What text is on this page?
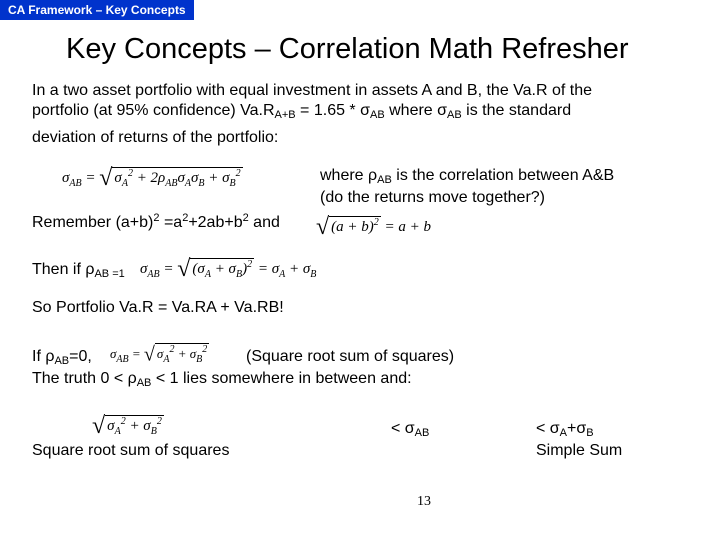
CA Framework – Key Concepts
Key Concepts – Correlation Math Refresher
In a two asset portfolio with equal investment in assets A and B, the Va.R of the
portfolio (at 95% confidence) $Va.R_{A+B} = 1.65 * \sigma_{AB}$ where $\sigma_{AB}$ is the standard
deviation of returns of the portfolio:
$\sigma_{AB}$ = √ $\sigma_A^2 + 2\rho_{AB}\sigma_A\sigma_B + \sigma_B^2$	where $\rho_{AB}$ is the correlation between A&B
(do the returns move together?)
Remember $(a+b)^2 =a^2+2ab+b^2$ and √ $(a + b)^2 = a + b$
Then if $\rho_{AB =1}$ $\sigma_{AB}$ = √ $(\sigma_A + \sigma_B)^2 = \sigma_A + \sigma_B$
So Portfolio Va.R = Va.RA + Va.RB!
If $\rho_{AB}=0$, $\sigma_{AB}$ = √ $\sigma_A^2 + \sigma_B^2$ (Square root sum of squares)
The truth $0 < \rho_{AB} < 1$ lies somewhere in between and:
√ $\sigma_A^2 + \sigma_B^2$
Square root sum of squares
< $\sigma_{AB}$	< $\sigma_A+\sigma_B$
Simple Sum
13
